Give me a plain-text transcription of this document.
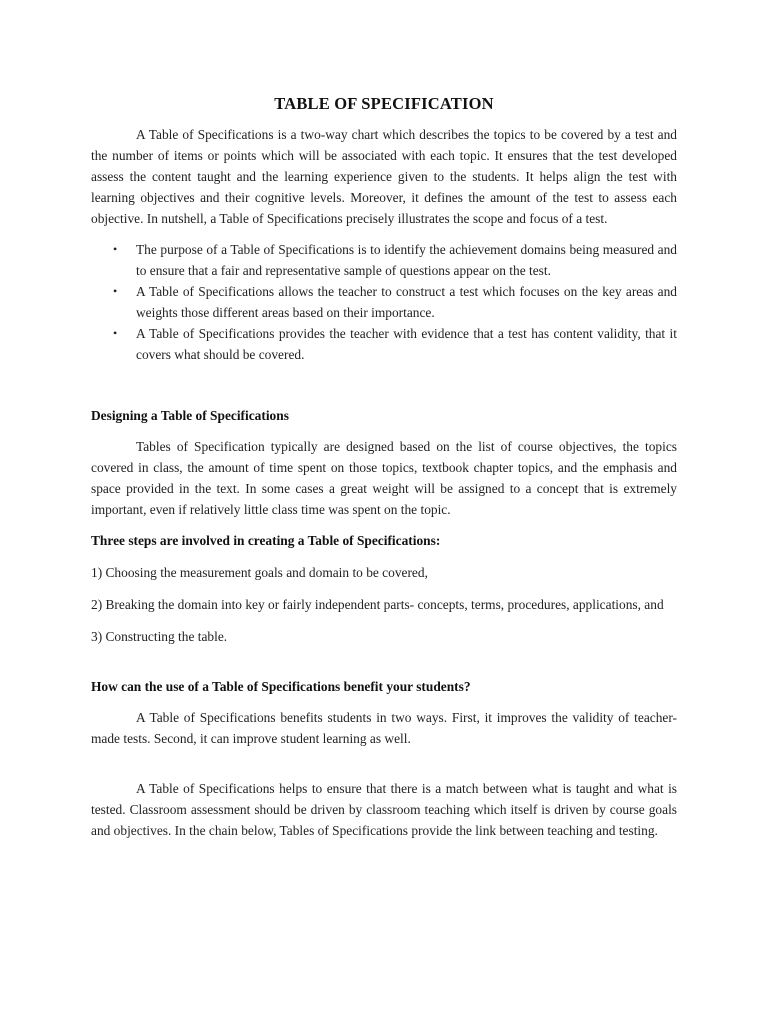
TABLE OF SPECIFICATION

A Table of Specifications is a two-way chart which describes the topics to be covered by a test and the number of items or points which will be associated with each topic. It ensures that the test developed assess the content taught and the learning experience given to the students. It helps align the test with learning objectives and their cognitive levels. Moreover, it defines the amount of the test to assess each objective. In nutshell, a Table of Specifications precisely illustrates the scope and focus of a test.

• The purpose of a Table of Specifications is to identify the achievement domains being measured and to ensure that a fair and representative sample of questions appear on the test.
• A Table of Specifications allows the teacher to construct a test which focuses on the key areas and weights those different areas based on their importance.
• A Table of Specifications provides the teacher with evidence that a test has content validity, that it covers what should be covered.
Designing a Table of Specifications

Tables of Specification typically are designed based on the list of course objectives, the topics covered in class, the amount of time spent on those topics, textbook chapter topics, and the emphasis and space provided in the text. In some cases a great weight will be assigned to a concept that is extremely important, even if relatively little class time was spent on the topic.

Three steps are involved in creating a Table of Specifications:

1) Choosing the measurement goals and domain to be covered,

2) Breaking the domain into key or fairly independent parts- concepts, terms, procedures, applications, and

3) Constructing the table.

How can the use of a Table of Specifications benefit your students?

A Table of Specifications benefits students in two ways. First, it improves the validity of teacher-made tests. Second, it can improve student learning as well.

A Table of Specifications helps to ensure that there is a match between what is taught and what is tested. Classroom assessment should be driven by classroom teaching which itself is driven by course goals and objectives. In the chain below, Tables of Specifications provide the link between teaching and testing.
